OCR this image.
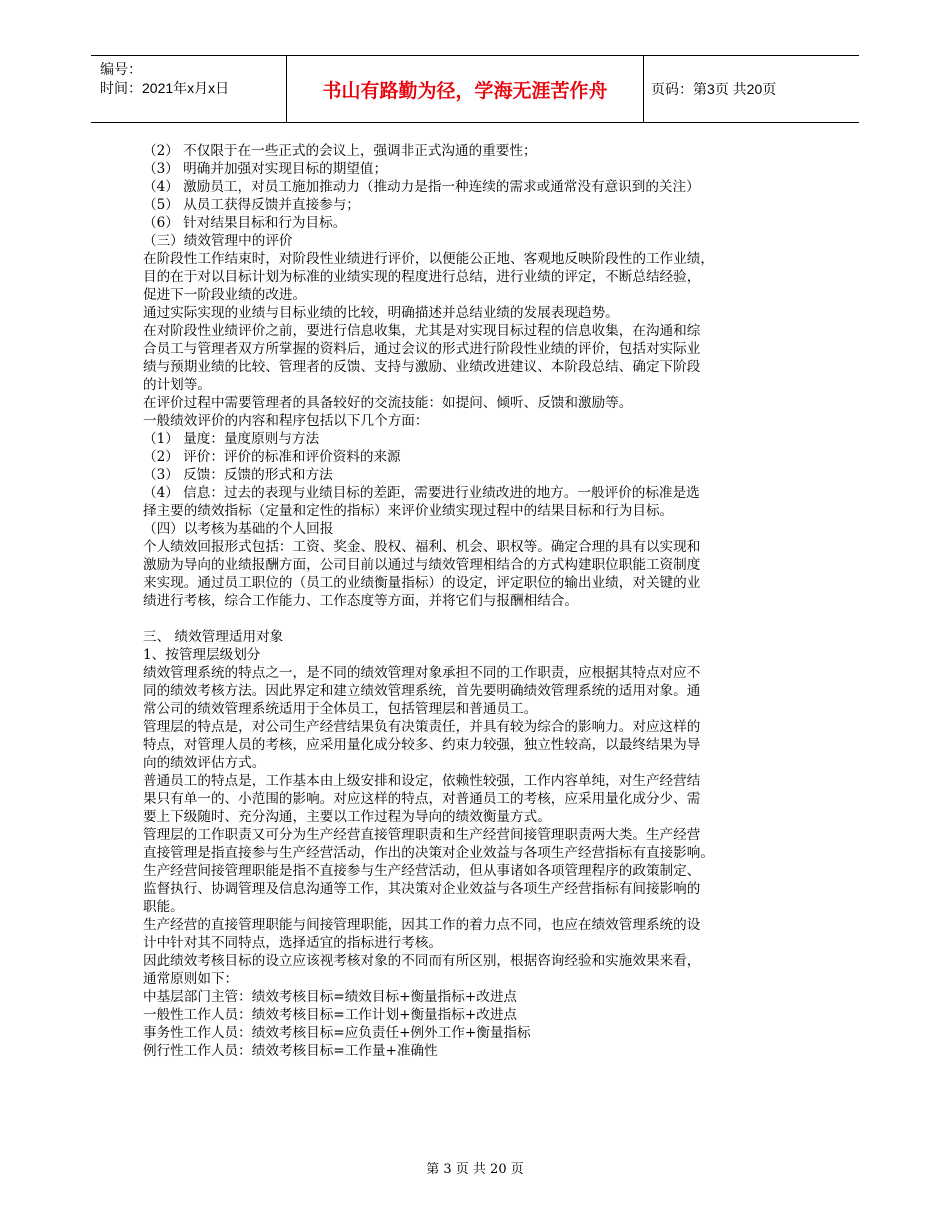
编号：
时间：2021年x月x日	书山有路勤为径，学海无涯苦作舟	页码：第3页 共20页

（2） 不仅限于在一些正式的会议上，强调非正式沟通的重要性；

（3） 明确并加强对实现目标的期望值；

（4） 激励员工，对员工施加推动力（推动力是指一种连续的需求或通常没有意识到的关注）

（5） 从员工获得反馈并直接参与；

（6） 针对结果目标和行为目标。

（三）绩效管理中的评价

在阶段性工作结束时，对阶段性业绩进行评价，以便能公正地、客观地反映阶段性的工作业绩，

目的在于对以目标计划为标准的业绩实现的程度进行总结，进行业绩的评定，不断总结经验，

促进下一阶段业绩的改进。

通过实际实现的业绩与目标业绩的比较，明确描述并总结业绩的发展表现趋势。

在对阶段性业绩评价之前，要进行信息收集，尤其是对实现目标过程的信息收集，在沟通和综

合员工与管理者双方所掌握的资料后，通过会议的形式进行阶段性业绩的评价，包括对实际业

绩与预期业绩的比较、管理者的反馈、支持与激励、业绩改进建议、本阶段总结、确定下阶段

的计划等。

在评价过程中需要管理者的具备较好的交流技能：如提问、倾听、反馈和激励等。

一般绩效评价的内容和程序包括以下几个方面：

（1） 量度：量度原则与方法

（2） 评价：评价的标准和评价资料的来源

（3） 反馈：反馈的形式和方法

（4） 信息：过去的表现与业绩目标的差距，需要进行业绩改进的地方。一般评价的标准是选

择主要的绩效指标（定量和定性的指标）来评价业绩实现过程中的结果目标和行为目标。

（四）以考核为基础的个人回报

个人绩效回报形式包括：工资、奖金、股权、福利、机会、职权等。确定合理的具有以实现和

激励为导向的业绩报酬方面，公司目前以通过与绩效管理相结合的方式构建职位职能工资制度

来实现。通过员工职位的（员工的业绩衡量指标）的设定，评定职位的输出业绩，对关键的业

绩进行考核，综合工作能力、工作态度等方面，并将它们与报酬相结合。

三、 绩效管理适用对象

1、按管理层级划分

绩效管理系统的特点之一，是不同的绩效管理对象承担不同的工作职责，应根据其特点对应不

同的绩效考核方法。因此界定和建立绩效管理系统，首先要明确绩效管理系统的适用对象。通

常公司的绩效管理系统适用于全体员工，包括管理层和普通员工。

管理层的特点是，对公司生产经营结果负有决策责任，并具有较为综合的影响力。对应这样的

特点，对管理人员的考核，应采用量化成分较多、约束力较强，独立性较高，以最终结果为导

向的绩效评估方式。

普通员工的特点是，工作基本由上级安排和设定，依赖性较强，工作内容单纯，对生产经营结

果只有单一的、小范围的影响。对应这样的特点，对普通员工的考核，应采用量化成分少、需

要上下级随时、充分沟通，主要以工作过程为导向的绩效衡量方式。

管理层的工作职责又可分为生产经营直接管理职责和生产经营间接管理职责两大类。生产经营

直接管理是指直接参与生产经营活动，作出的决策对企业效益与各项生产经营指标有直接影响。

生产经营间接管理职能是指不直接参与生产经营活动，但从事诸如各项管理程序的政策制定、

监督执行、协调管理及信息沟通等工作，其决策对企业效益与各项生产经营指标有间接影响的

职能。

生产经营的直接管理职能与间接管理职能，因其工作的着力点不同，也应在绩效管理系统的设

计中针对其不同特点，选择适宜的指标进行考核。

因此绩效考核目标的设立应该视考核对象的不同而有所区别，根据咨询经验和实施效果来看，

通常原则如下：

中基层部门主管：绩效考核目标=绩效目标+衡量指标+改进点

一般性工作人员：绩效考核目标=工作计划+衡量指标+改进点

事务性工作人员：绩效考核目标=应负责任+例外工作+衡量指标

例行性工作人员：绩效考核目标=工作量+准确性

第 3 页 共 20 页
